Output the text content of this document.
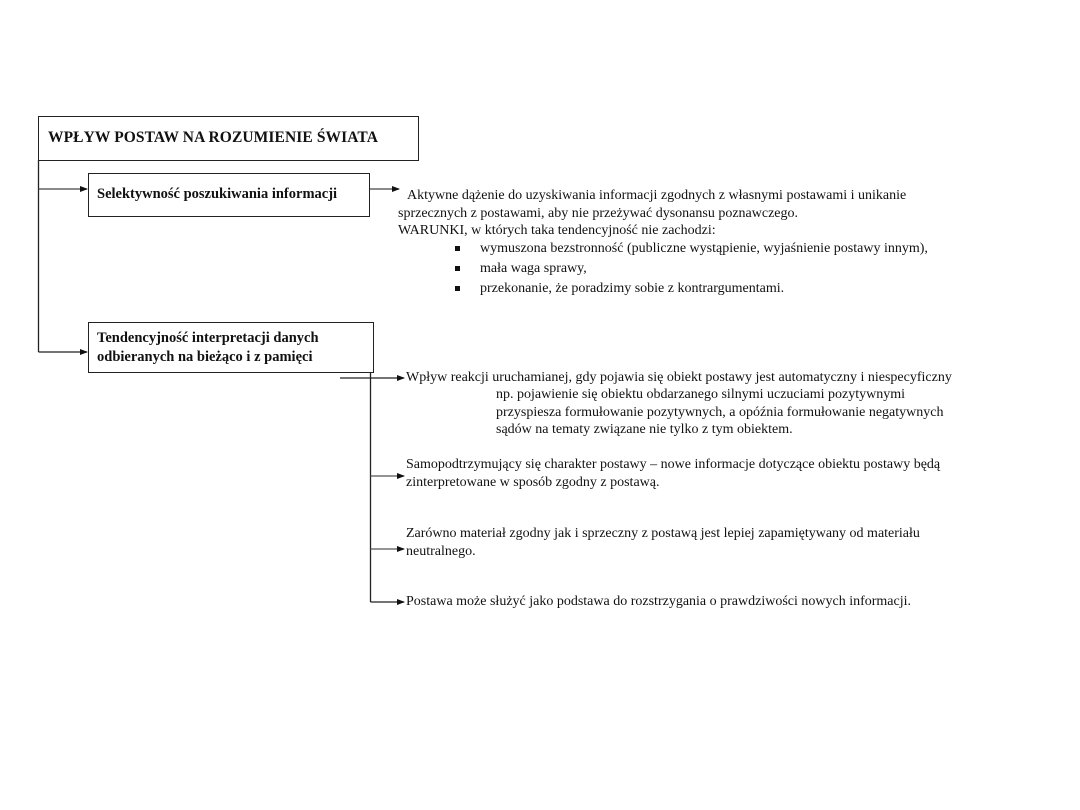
WPŁYW POSTAW NA ROZUMIENIE ŚWIATA
Selektywność poszukiwania informacji	Aktywne dążenie do uzyskiwania informacji zgodnych z własnymi postawami i unikanie
sprzecznych z postawami, aby nie przeżywać dysonansu poznawczego.
WARUNKI, w których taka tendencyjność nie zachodzi:
wymuszona bezstronność (publiczne wystąpienie, wyjaśnienie postawy innym),
mała waga sprawy,
przekonanie, że poradzimy sobie z kontrargumentami.
Tendencyjność interpretacji danych
odbieranych na bieżąco i z pamięci
Wpływ reakcji uruchamianej, gdy pojawia się obiekt postawy jest automatyczny i niespecyficzny
np. pojawienie się obiektu obdarzanego silnymi uczuciami pozytywnymi
przyspiesza formułowanie pozytywnych, a opóźnia formułowanie negatywnych
sądów na tematy związane nie tylko z tym obiektem.
Samopodtrzymujący się charakter postawy – nowe informacje dotyczące obiektu postawy będą
zinterpretowane w sposób zgodny z postawą.
Zarówno materiał zgodny jak i sprzeczny z postawą jest lepiej zapamiętywany od materiału
neutralnego.
Postawa może służyć jako podstawa do rozstrzygania o prawdziwości nowych informacji.
